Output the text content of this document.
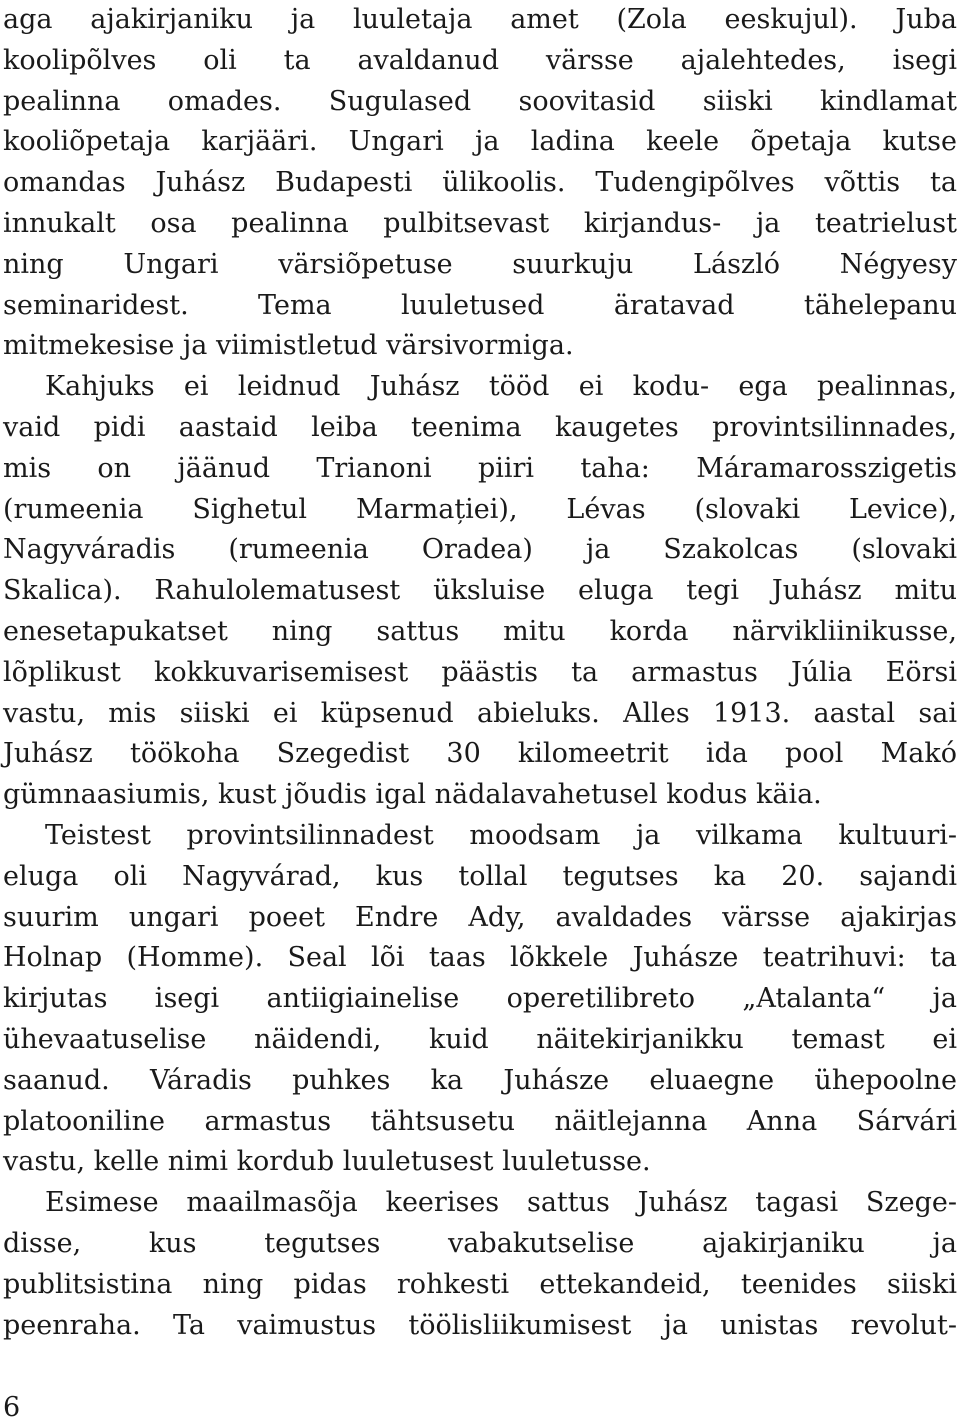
aga ajakirjaniku ja luuletaja amet (Zola eeskujul). Juba
koolipõlves oli ta avaldanud värsse ajalehtedes, isegi
pealinna omades. Sugulased soovitasid siiski kindlamat
kooliõpetaja karjääri. Ungari ja ladina keele õpetaja kutse
omandas Juhász Budapesti ülikoolis. Tudengipõlves võttis ta
innukalt osa pealinna pulbitsevast kirjandus- ja teatrielust
ning Ungari värsiõpetuse suurkuju László Négyesy
seminaridest. Tema luuletused äratavad tähelepanu
mitmekesise ja viimistletud värsivormiga.
Kahjuks ei leidnud Juhász tööd ei kodu- ega pealinnas,
vaid pidi aastaid leiba teenima kaugetes provintsilinnades,
mis on jäänud Trianoni piiri taha: Máramarosszigetis
(rumeenia Sighetul Marmației), Lévas (slovaki Levice),
Nagyváradis (rumeenia Oradea) ja Szakolcas (slovaki
Skalica). Rahulolematusest üksluise eluga tegi Juhász mitu
enesetapukatset ning sattus mitu korda närvikliinikusse,
lõplikust kokkuvarisemisest päästis ta armastus Júlia Eörsi
vastu, mis siiski ei küpsenud abieluks. Alles 1913. aastal sai
Juhász töökoha Szegedist 30 kilomeetrit ida pool Makó
gümnaasiumis, kust jõudis igal nädalavahetusel kodus käia.
Teistest provintsilinnadest moodsam ja vilkama kultuuri-
eluga oli Nagyvárad, kus tollal tegutses ka 20. sajandi
suurim ungari poeet Endre Ady, avaldades värsse ajakirjas
Holnap (Homme). Seal lõi taas lõkkele Juhásze teatrihuvi: ta
kirjutas isegi antiigiainelise operetilibreto „Atalanta“ ja
ühevaatuselise näidendi, kuid näitekirjanikku temast ei
saanud. Váradis puhkes ka Juhásze eluaegne ühepoolne
platooniline armastus tähtsusetu näitlejanna Anna Sárvári
vastu, kelle nimi kordub luuletusest luuletusse.
Esimese maailmasõja keerises sattus Juhász tagasi Szege-
disse, kus tegutses vabakutselise ajakirjaniku ja
publitsistina ning pidas rohkesti ettekandeid, teenides siiski
peenraha. Ta vaimustus töölisliikumisest ja unistas revolut-
6
